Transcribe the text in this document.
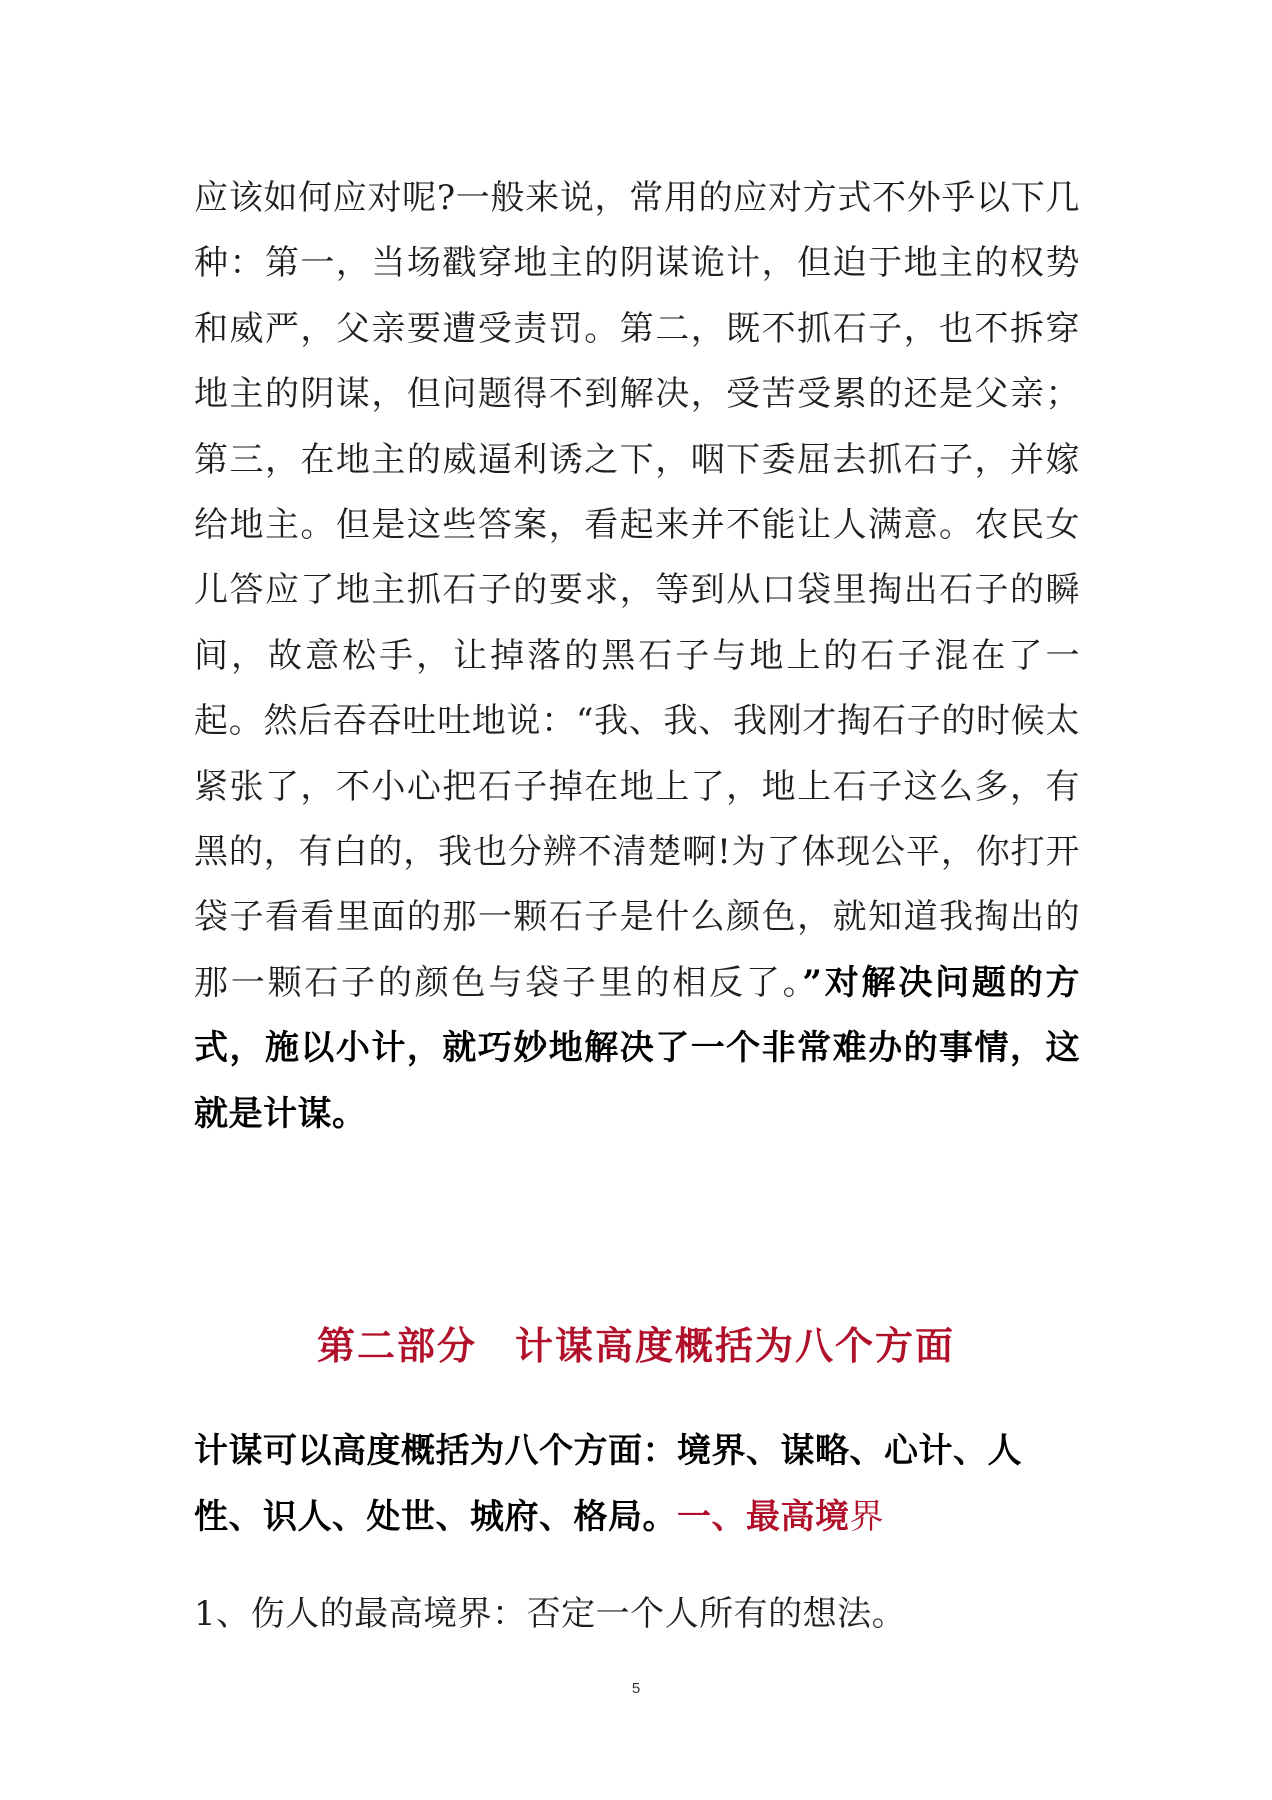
应该如何应对呢?一般来说，常用的应对方式不外乎以下几种：第一，当场戳穿地主的阴谋诡计，但迫于地主的权势和威严，父亲要遭受责罚。第二，既不抓石子，也不拆穿地主的阴谋，但问题得不到解决，受苦受累的还是父亲；第三，在地主的威逼利诱之下，咽下委屈去抓石子，并嫁给地主。但是这些答案，看起来并不能让人满意。农民女儿答应了地主抓石子的要求，等到从口袋里掏出石子的瞬间，故意松手，让掉落的黑石子与地上的石子混在了一起。然后吞吞吐吐地说：“我、我、我刚才掏石子的时候太紧张了，不小心把石子掉在地上了，地上石子这么多，有黑的，有白的，我也分辨不清楚啊!为了体现公平，你打开袋子看看里面的那一颗石子是什么颜色，就知道我掏出的那一颗石子的颜色与袋子里的相反了。”对解决问题的方式，施以小计，就巧妙地解决了一个非常难办的事情，这就是计谋。

第二部分 计谋高度概括为八个方面

计谋可以高度概括为八个方面：境界、谋略、心计、人性、识人、处世、城府、格局。一、最高境界

1、伤人的最高境界：否定一个人所有的想法。

5
